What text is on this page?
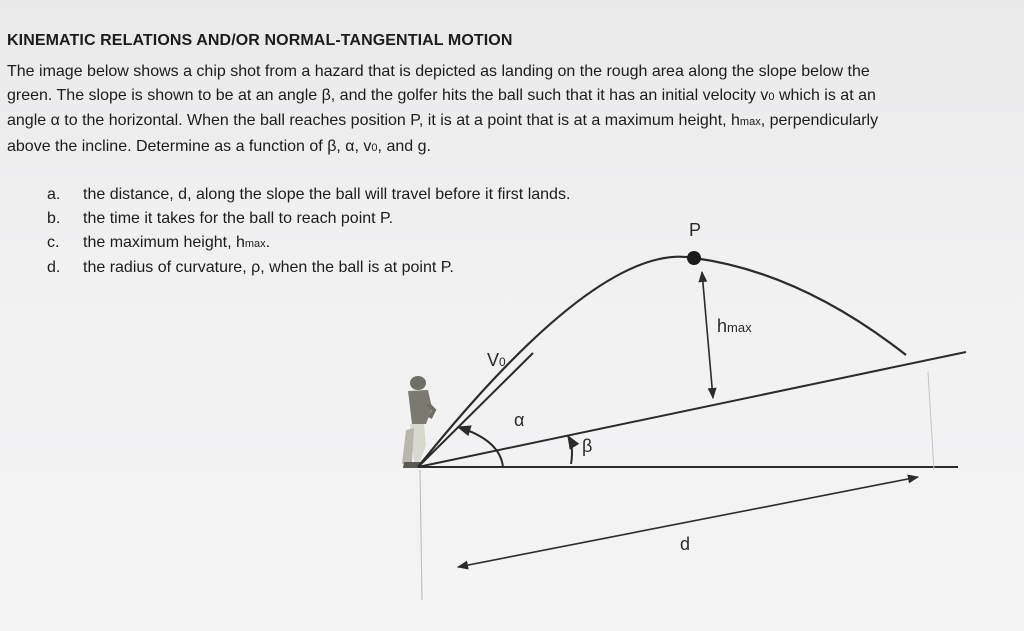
KINEMATIC RELATIONS AND/OR NORMAL-TANGENTIAL MOTION
The image below shows a chip shot from a hazard that is depicted as landing on the rough area along the slope below the
green. The slope is shown to be at an angle β, and the golfer hits the ball such that it has an initial velocity v0 which is at an
angle α to the horizontal. When the ball reaches position P, it is at a point that is at a maximum height, hmax, perpendicularly
above the incline. Determine as a function of β, α, v0, and g.
a. the distance, d, along the slope the ball will travel before it first lands.
b. the time it takes for the ball to reach point P.
c. the maximum height, hmax.
d. the radius of curvature, ρ, when the ball is at point P.
P
hmax
V0
α
β
d
